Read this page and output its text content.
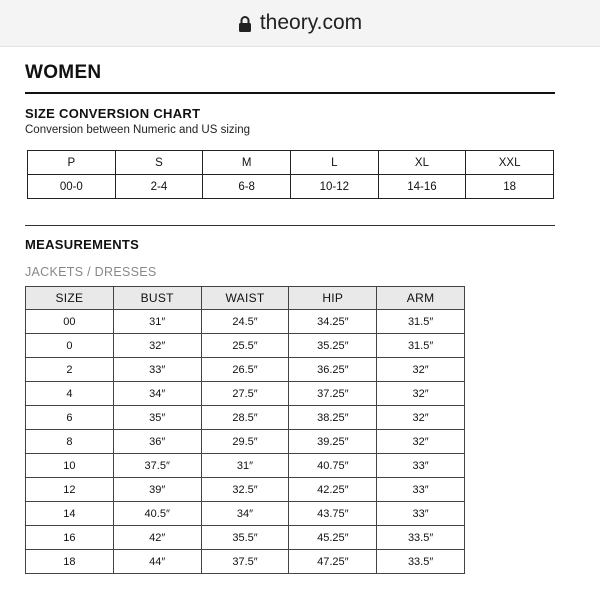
theory.com
WOMEN
SIZE CONVERSION CHART
Conversion between Numeric and US sizing
P	S	M	L	XL	XXL
00-0	2-4	6-8	10-12	14-16	18
MEASUREMENTS
JACKETS / DRESSES
SIZE	BUST	WAIST	HIP	ARM
00	31″	24.5″	34.25″	31.5″
0	32″	25.5″	35.25″	31.5″
2	33″	26.5″	36.25″	32″
4	34″	27.5″	37.25″	32″
6	35″	28.5″	38.25″	32″
8	36″	29.5″	39.25″	32″
10	37.5″	31″	40.75″	33″
12	39″	32.5″	42.25″	33″
14	40.5″	34″	43.75″	33″
16	42″	35.5″	45.25″	33.5″
18	44″	37.5″	47.25″	33.5″
